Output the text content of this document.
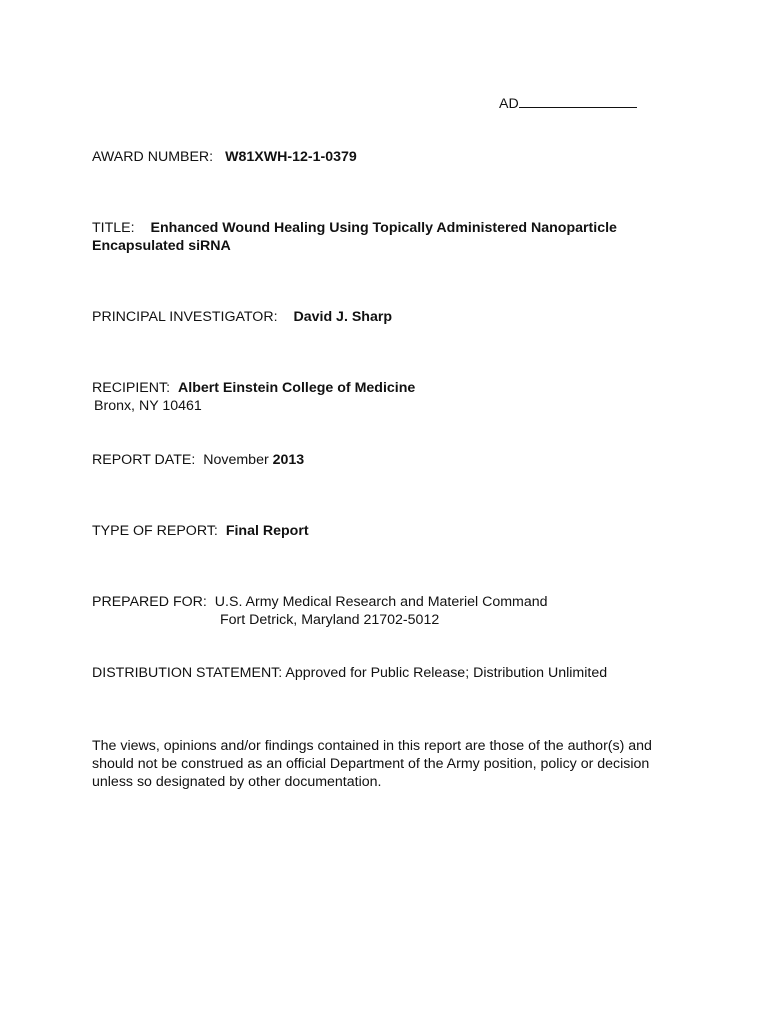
AD
AWARD NUMBER: W81XWH-12-1-0379
TITLE: Enhanced Wound Healing Using Topically Administered Nanoparticle
Encapsulated siRNA
PRINCIPAL INVESTIGATOR: David J. Sharp
RECIPIENT: Albert Einstein College of Medicine
Bronx, NY 10461
REPORT DATE: November 2013
TYPE OF REPORT: Final Report
PREPARED FOR: U.S. Army Medical Research and Materiel Command
Fort Detrick, Maryland 21702-5012
DISTRIBUTION STATEMENT: Approved for Public Release; Distribution Unlimited
The views, opinions and/or findings contained in this report are those of the author(s) and
should not be construed as an official Department of the Army position, policy or decision
unless so designated by other documentation.
